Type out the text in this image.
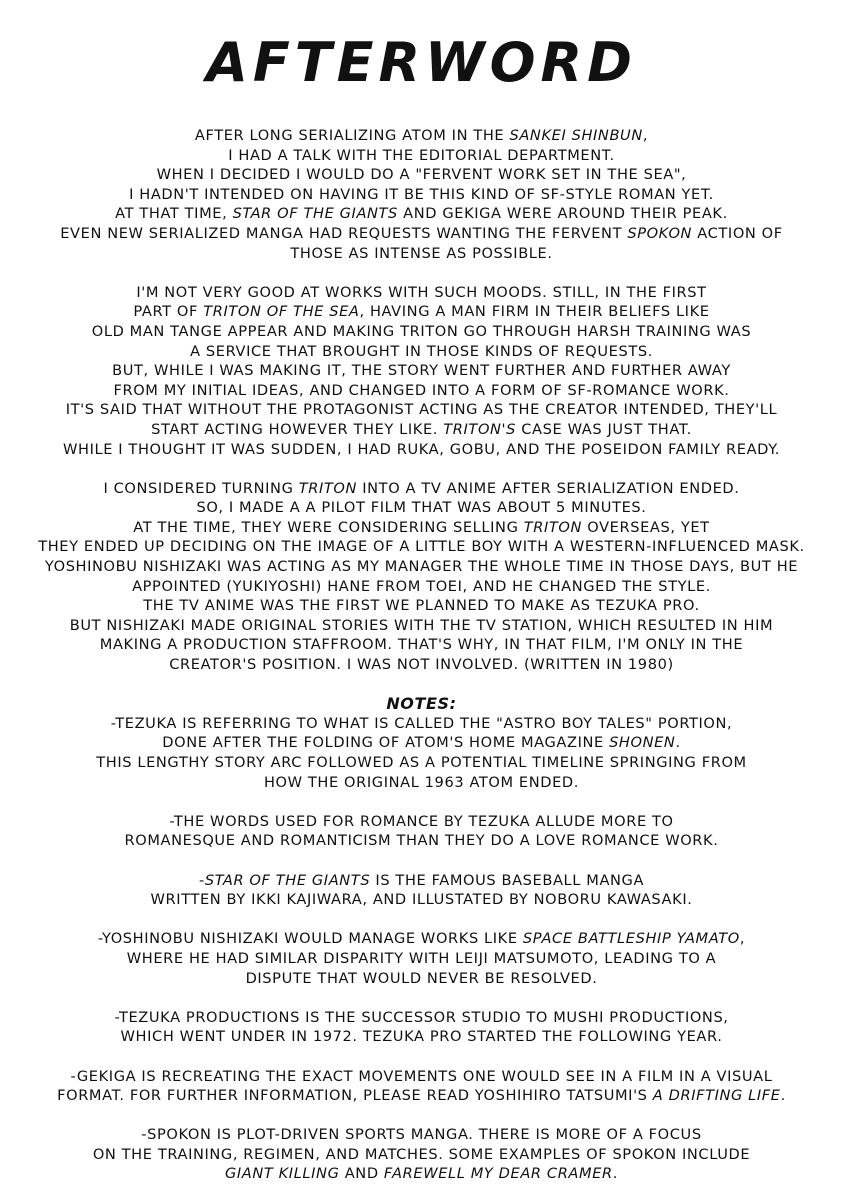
AFTERWORD

AFTER LONG SERIALIZING ATOM IN THE SANKEI SHINBUN,
I HAD A TALK WITH THE EDITORIAL DEPARTMENT.
WHEN I DECIDED I WOULD DO A "FERVENT WORK SET IN THE SEA",
I HADN'T INTENDED ON HAVING IT BE THIS KIND OF SF-STYLE ROMAN YET.
AT THAT TIME, STAR OF THE GIANTS AND GEKIGA WERE AROUND THEIR PEAK.
EVEN NEW SERIALIZED MANGA HAD REQUESTS WANTING THE FERVENT SPOKON ACTION OF
THOSE AS INTENSE AS POSSIBLE.

I'M NOT VERY GOOD AT WORKS WITH SUCH MOODS. STILL, IN THE FIRST
PART OF TRITON OF THE SEA, HAVING A MAN FIRM IN THEIR BELIEFS LIKE
OLD MAN TANGE APPEAR AND MAKING TRITON GO THROUGH HARSH TRAINING WAS
A SERVICE THAT BROUGHT IN THOSE KINDS OF REQUESTS.
BUT, WHILE I WAS MAKING IT, THE STORY WENT FURTHER AND FURTHER AWAY
FROM MY INITIAL IDEAS, AND CHANGED INTO A FORM OF SF-ROMANCE WORK.
IT'S SAID THAT WITHOUT THE PROTAGONIST ACTING AS THE CREATOR INTENDED, THEY'LL
START ACTING HOWEVER THEY LIKE. TRITON'S CASE WAS JUST THAT.
WHILE I THOUGHT IT WAS SUDDEN, I HAD RUKA, GOBU, AND THE POSEIDON FAMILY READY.

I CONSIDERED TURNING TRITON INTO A TV ANIME AFTER SERIALIZATION ENDED.
SO, I MADE A A PILOT FILM THAT WAS ABOUT 5 MINUTES.
AT THE TIME, THEY WERE CONSIDERING SELLING TRITON OVERSEAS, YET
THEY ENDED UP DECIDING ON THE IMAGE OF A LITTLE BOY WITH A WESTERN-INFLUENCED MASK.
YOSHINOBU NISHIZAKI WAS ACTING AS MY MANAGER THE WHOLE TIME IN THOSE DAYS, BUT HE
APPOINTED (YUKIYOSHI) HANE FROM TOEI, AND HE CHANGED THE STYLE.
THE TV ANIME WAS THE FIRST WE PLANNED TO MAKE AS TEZUKA PRO.
BUT NISHIZAKI MADE ORIGINAL STORIES WITH THE TV STATION, WHICH RESULTED IN HIM
MAKING A PRODUCTION STAFFROOM. THAT'S WHY, IN THAT FILM, I'M ONLY IN THE
CREATOR'S POSITION. I WAS NOT INVOLVED. (WRITTEN IN 1980)

NOTES:

-TEZUKA IS REFERRING TO WHAT IS CALLED THE "ASTRO BOY TALES" PORTION,
DONE AFTER THE FOLDING OF ATOM'S HOME MAGAZINE SHONEN.
THIS LENGTHY STORY ARC FOLLOWED AS A POTENTIAL TIMELINE SPRINGING FROM
HOW THE ORIGINAL 1963 ATOM ENDED.

-THE WORDS USED FOR ROMANCE BY TEZUKA ALLUDE MORE TO
ROMANESQUE AND ROMANTICISM THAN THEY DO A LOVE ROMANCE WORK.

-STAR OF THE GIANTS IS THE FAMOUS BASEBALL MANGA
WRITTEN BY IKKI KAJIWARA, AND ILLUSTATED BY NOBORU KAWASAKI.

-YOSHINOBU NISHIZAKI WOULD MANAGE WORKS LIKE SPACE BATTLESHIP YAMATO,
WHERE HE HAD SIMILAR DISPARITY WITH LEIJI MATSUMOTO, LEADING TO A
DISPUTE THAT WOULD NEVER BE RESOLVED.

-TEZUKA PRODUCTIONS IS THE SUCCESSOR STUDIO TO MUSHI PRODUCTIONS,
WHICH WENT UNDER IN 1972. TEZUKA PRO STARTED THE FOLLOWING YEAR.

-GEKIGA IS RECREATING THE EXACT MOVEMENTS ONE WOULD SEE IN A FILM IN A VISUAL
FORMAT. FOR FURTHER INFORMATION, PLEASE READ YOSHIHIRO TATSUMI'S A DRIFTING LIFE.

-SPOKON IS PLOT-DRIVEN SPORTS MANGA. THERE IS MORE OF A FOCUS
ON THE TRAINING, REGIMEN, AND MATCHES. SOME EXAMPLES OF SPOKON INCLUDE
GIANT KILLING AND FAREWELL MY DEAR CRAMER.
